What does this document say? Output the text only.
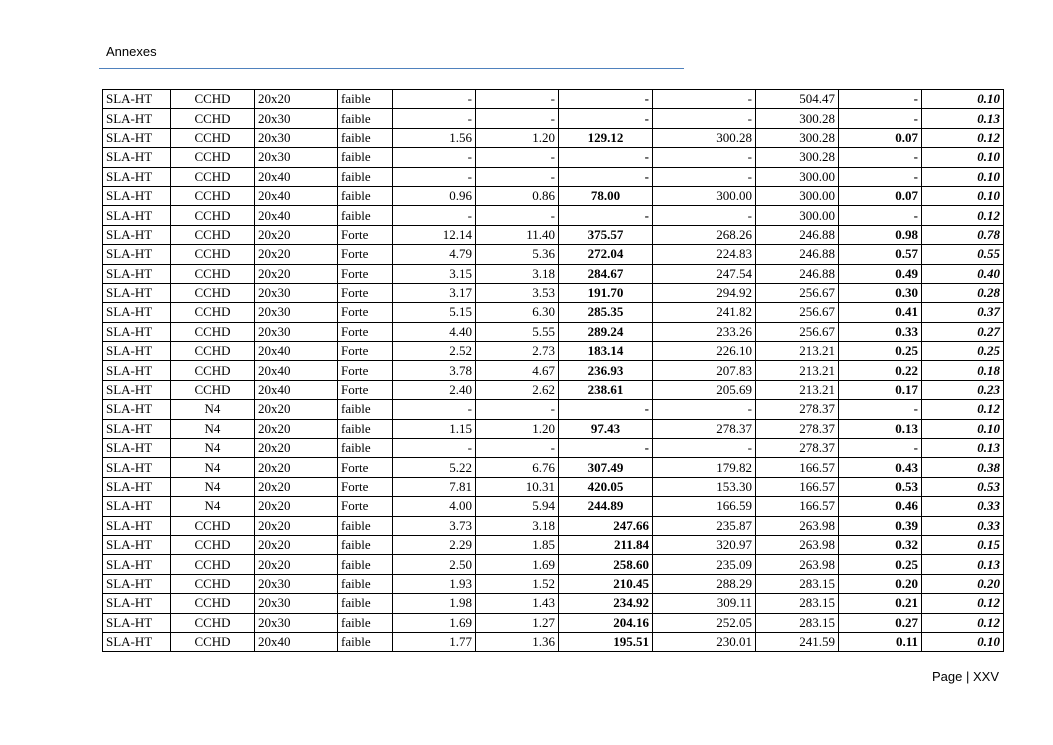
Annexes
SLA-HT	CCHD	20x20	faible	-	-	-	-	504.47	-	0.10
SLA-HT	CCHD	20x30	faible	-	-	-	-	300.28	-	0.13
SLA-HT	CCHD	20x30	faible	1.56	1.20	129.12	300.28	300.28	0.07	0.12
SLA-HT	CCHD	20x30	faible	-	-	-	-	300.28	-	0.10
SLA-HT	CCHD	20x40	faible	-	-	-	-	300.00	-	0.10
SLA-HT	CCHD	20x40	faible	0.96	0.86	78.00	300.00	300.00	0.07	0.10
SLA-HT	CCHD	20x40	faible	-	-	-	-	300.00	-	0.12
SLA-HT	CCHD	20x20	Forte	12.14	11.40	375.57	268.26	246.88	0.98	0.78
SLA-HT	CCHD	20x20	Forte	4.79	5.36	272.04	224.83	246.88	0.57	0.55
SLA-HT	CCHD	20x20	Forte	3.15	3.18	284.67	247.54	246.88	0.49	0.40
SLA-HT	CCHD	20x30	Forte	3.17	3.53	191.70	294.92	256.67	0.30	0.28
SLA-HT	CCHD	20x30	Forte	5.15	6.30	285.35	241.82	256.67	0.41	0.37
SLA-HT	CCHD	20x30	Forte	4.40	5.55	289.24	233.26	256.67	0.33	0.27
SLA-HT	CCHD	20x40	Forte	2.52	2.73	183.14	226.10	213.21	0.25	0.25
SLA-HT	CCHD	20x40	Forte	3.78	4.67	236.93	207.83	213.21	0.22	0.18
SLA-HT	CCHD	20x40	Forte	2.40	2.62	238.61	205.69	213.21	0.17	0.23
SLA-HT	N4	20x20	faible	-	-	-	-	278.37	-	0.12
SLA-HT	N4	20x20	faible	1.15	1.20	97.43	278.37	278.37	0.13	0.10
SLA-HT	N4	20x20	faible	-	-	-	-	278.37	-	0.13
SLA-HT	N4	20x20	Forte	5.22	6.76	307.49	179.82	166.57	0.43	0.38
SLA-HT	N4	20x20	Forte	7.81	10.31	420.05	153.30	166.57	0.53	0.53
SLA-HT	N4	20x20	Forte	4.00	5.94	244.89	166.59	166.57	0.46	0.33
SLA-HT	CCHD	20x20	faible	3.73	3.18	247.66	235.87	263.98	0.39	0.33
SLA-HT	CCHD	20x20	faible	2.29	1.85	211.84	320.97	263.98	0.32	0.15
SLA-HT	CCHD	20x20	faible	2.50	1.69	258.60	235.09	263.98	0.25	0.13
SLA-HT	CCHD	20x30	faible	1.93	1.52	210.45	288.29	283.15	0.20	0.20
SLA-HT	CCHD	20x30	faible	1.98	1.43	234.92	309.11	283.15	0.21	0.12
SLA-HT	CCHD	20x30	faible	1.69	1.27	204.16	252.05	283.15	0.27	0.12
SLA-HT	CCHD	20x40	faible	1.77	1.36	195.51	230.01	241.59	0.11	0.10
Page | XXV
